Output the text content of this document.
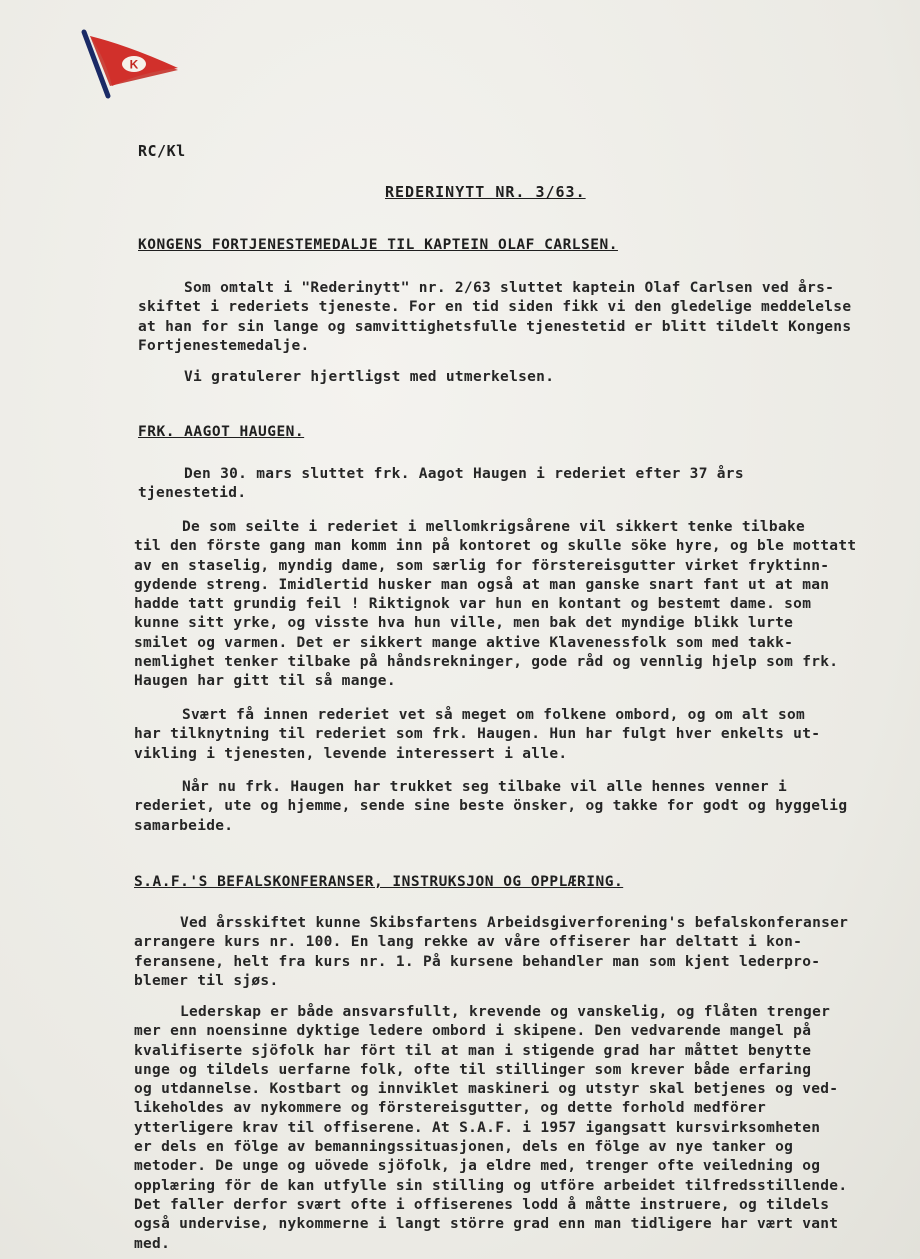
K
RC/Kl
REDERINYTT NR. 3/63.
KONGENS FORTJENESTEMEDALJE TIL KAPTEIN OLAF CARLSEN.
Som omtalt i "Rederinytt" nr. 2/63 sluttet kaptein Olaf Carlsen ved års-
skiftet i rederiets tjeneste. For en tid siden fikk vi den gledelige meddelelse
at han for sin lange og samvittighetsfulle tjenestetid er blitt tildelt Kongens
Fortjenestemedalje.
Vi gratulerer hjertligst med utmerkelsen.
FRK. AAGOT HAUGEN.
Den 30. mars sluttet frk. Aagot Haugen i rederiet efter 37 års
tjenestetid.
De som seilte i rederiet i mellomkrigsårene vil sikkert tenke tilbake
til den förste gang man komm inn på kontoret og skulle söke hyre, og ble mottatt
av en staselig, myndig dame, som særlig for förstereisgutter virket fryktinn-
gydende streng. Imidlertid husker man også at man ganske snart fant ut at man
hadde tatt grundig feil ! Riktignok var hun en kontant og bestemt dame. som
kunne sitt yrke, og visste hva hun ville, men bak det myndige blikk lurte
smilet og varmen. Det er sikkert mange aktive Klavenessfolk som med takk-
nemlighet tenker tilbake på håndsrekninger, gode råd og vennlig hjelp som frk.
Haugen har gitt til så mange.
Svært få innen rederiet vet så meget om folkene ombord, og om alt som
har tilknytning til rederiet som frk. Haugen. Hun har fulgt hver enkelts ut-
vikling i tjenesten, levende interessert i alle.
Når nu frk. Haugen har trukket seg tilbake vil alle hennes venner i
rederiet, ute og hjemme, sende sine beste önsker, og takke for godt og hyggelig
samarbeide.
S.A.F.'S BEFALSKONFERANSER, INSTRUKSJON OG OPPLÆRING.
Ved årsskiftet kunne Skibsfartens Arbeidsgiverforening's befalskonferanser
arrangere kurs nr. 100. En lang rekke av våre offiserer har deltatt i kon-
feransene, helt fra kurs nr. 1. På kursene behandler man som kjent lederpro-
blemer til sjøs.
Lederskap er både ansvarsfullt, krevende og vanskelig, og flåten trenger
mer enn noensinne dyktige ledere ombord i skipene. Den vedvarende mangel på
kvalifiserte sjöfolk har fört til at man i stigende grad har måttet benytte
unge og tildels uerfarne folk, ofte til stillinger som krever både erfaring
og utdannelse. Kostbart og innviklet maskineri og utstyr skal betjenes og ved-
likeholdes av nykommere og förstereisgutter, og dette forhold medförer
ytterligere krav til offiserene. At S.A.F. i 1957 igangsatt kursvirksomheten
er dels en fölge av bemanningssituasjonen, dels en fölge av nye tanker og
metoder. De unge og uövede sjöfolk, ja eldre med, trenger ofte veiledning og
opplæring för de kan utfylle sin stilling og utföre arbeidet tilfredsstillende.
Det faller derfor svært ofte i offiserenes lodd å måtte instruere, og tildels
også undervise, nykommerne i langt större grad enn man tidligere har vært vant
med.
